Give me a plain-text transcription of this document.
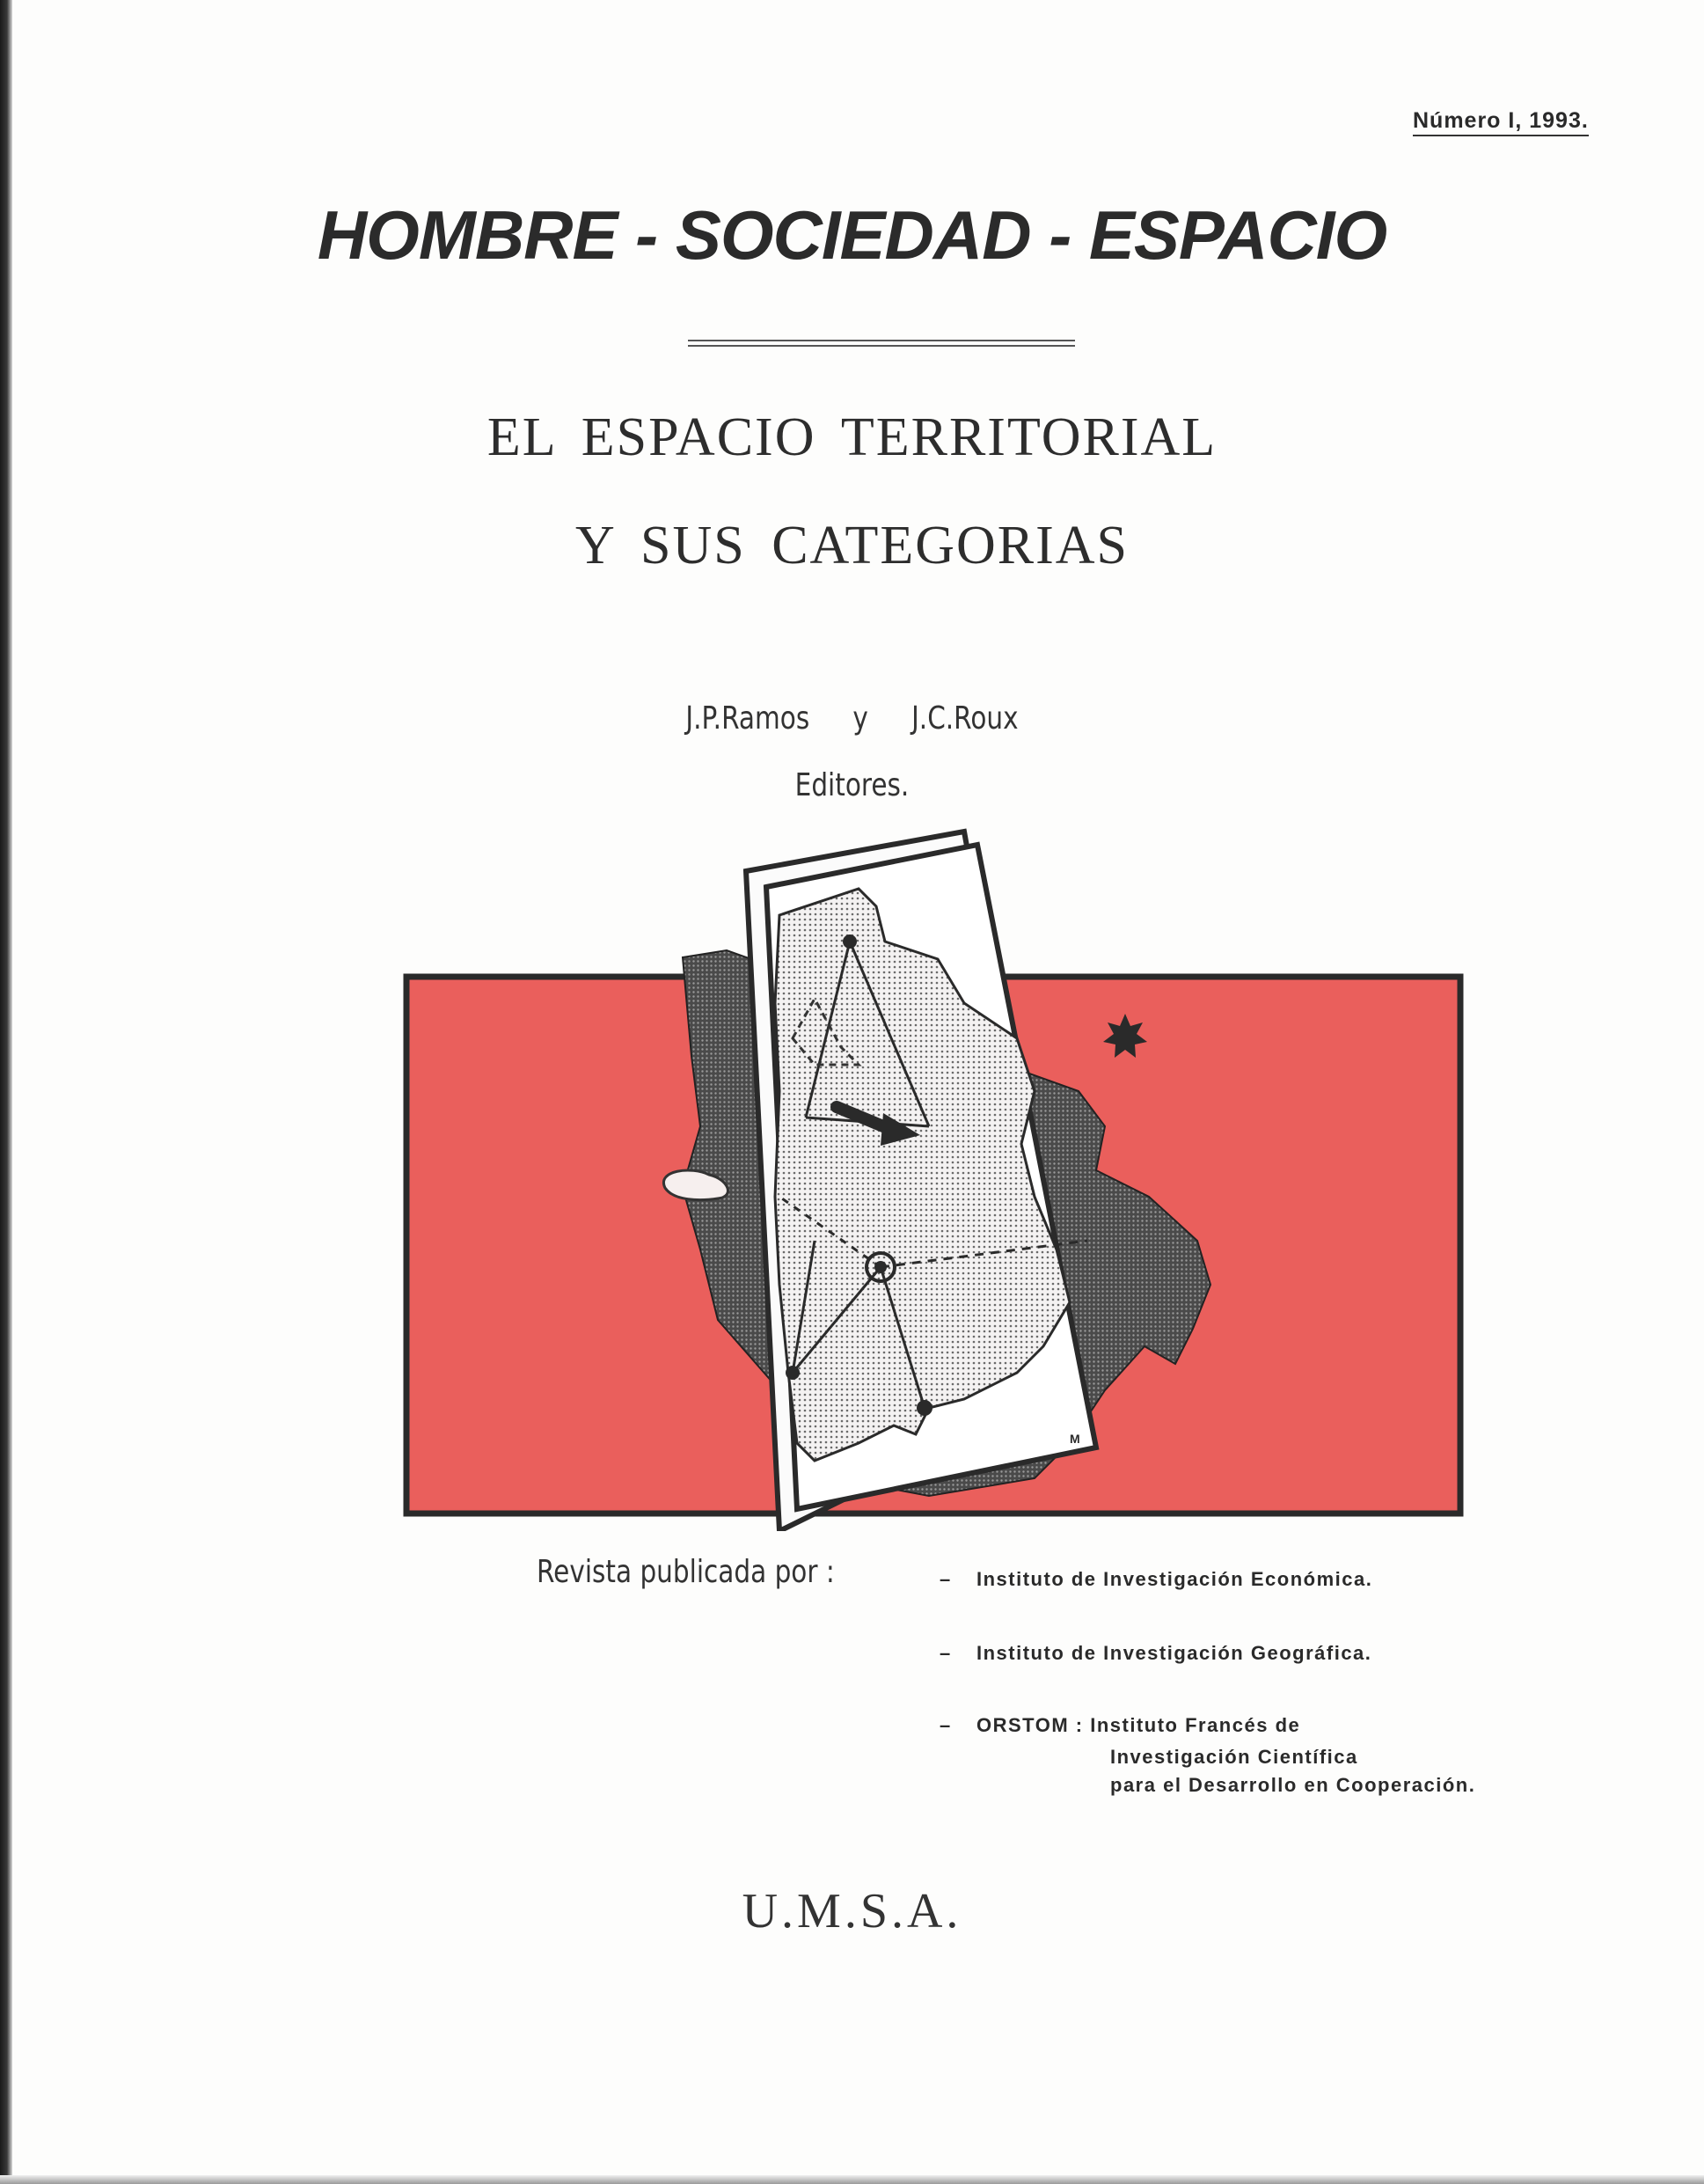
Número I, 1993.
HOMBRE - SOCIEDAD - ESPACIO
EL ESPACIO TERRITORIAL
Y SUS CATEGORIAS
J.P.Ramos y J.C.Roux
Editores.
M
Revista publicada por :	– Instituto de Investigación Económica.
– Instituto de Investigación Geográfica.
– ORSTOM : Instituto Francés de
Investigación Científica
para el Desarrollo en Cooperación.
U.M.S.A.
